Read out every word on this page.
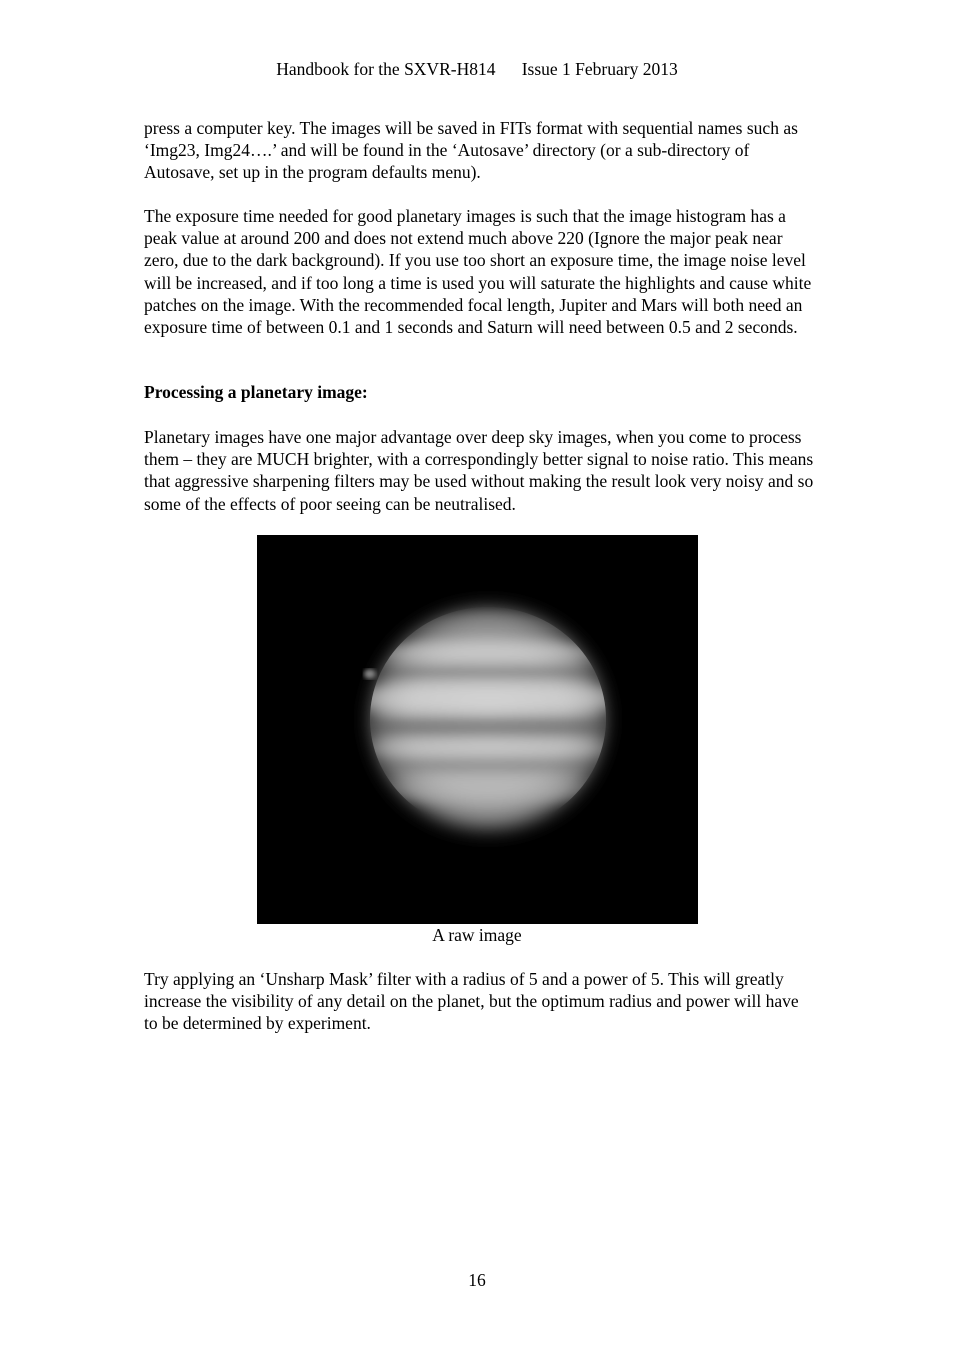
Handbook for the SXVR-H814      Issue 1 February 2013

press a computer key. The images will be saved in FITs format with sequential names such as ‘Img23, Img24….’ and will be found in the ‘Autosave’ directory (or a sub-directory of Autosave, set up in the program defaults menu).

The exposure time needed for good planetary images is such that the image histogram has a peak value at around 200 and does not extend much above 220 (Ignore the major peak near zero, due to the dark background). If you use too short an exposure time, the image noise level will be increased, and if too long a time is used you will saturate the highlights and cause white patches on the image. With the recommended focal length, Jupiter and Mars will both need an exposure time of between 0.1 and 1 seconds and Saturn will need between 0.5 and 2 seconds.

Processing a planetary image:

Planetary images have one major advantage over deep sky images, when you come to process them – they are MUCH brighter, with a correspondingly better signal to noise ratio. This means that aggressive sharpening filters may be used without making the result look very noisy and so some of the effects of poor seeing can be neutralised.

A raw image

Try applying an ‘Unsharp Mask’ filter with a radius of 5 and a power of 5. This will greatly increase the visibility of any detail on the planet, but the optimum radius and power will have to be determined by experiment.

16
